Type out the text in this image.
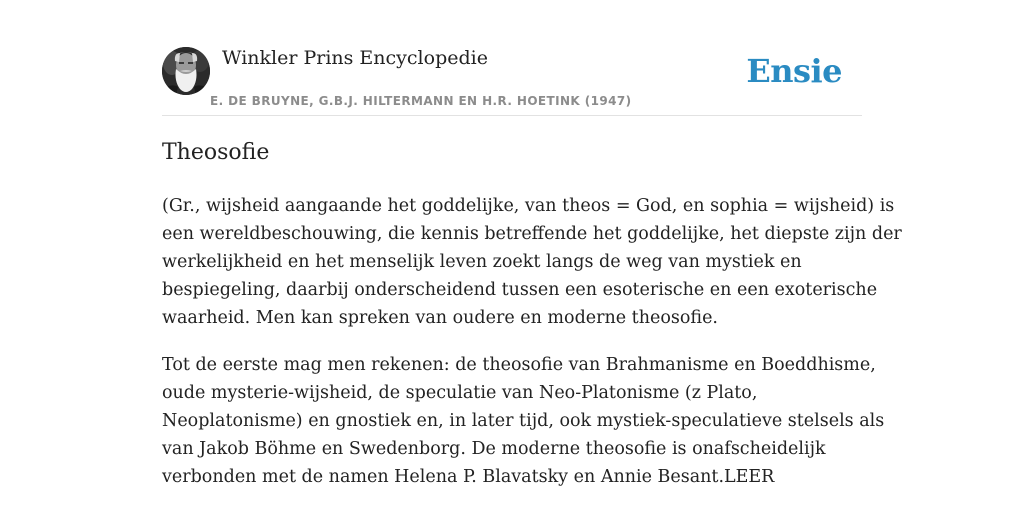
Winkler Prins Encyclopedie
E. DE BRUYNE, G.B.J. HILTERMANN EN H.R. HOETINK (1947)
Ensie
Theosofie

(Gr., wijsheid aangaande het goddelijke, van theos = God, en sophia = wijsheid) is
een wereldbeschouwing, die kennis betreffende het goddelijke, het diepste zijn der
werkelijkheid en het menselijk leven zoekt langs de weg van mystiek en
bespiegeling, daarbij onderscheidend tussen een esoterische en een exoterische
waarheid. Men kan spreken van oudere en moderne theosofie.

Tot de eerste mag men rekenen: de theosofie van Brahmanisme en Boeddhisme,
oude mysterie-wijsheid, de speculatie van Neo-Platonisme (z Plato,
Neoplatonisme) en gnostiek en, in later tijd, ook mystiek-speculatieve stelsels als
van Jakob Böhme en Swedenborg. De moderne theosofie is onafscheidelijk
verbonden met de namen Helena P. Blavatsky en Annie Besant.LEER
